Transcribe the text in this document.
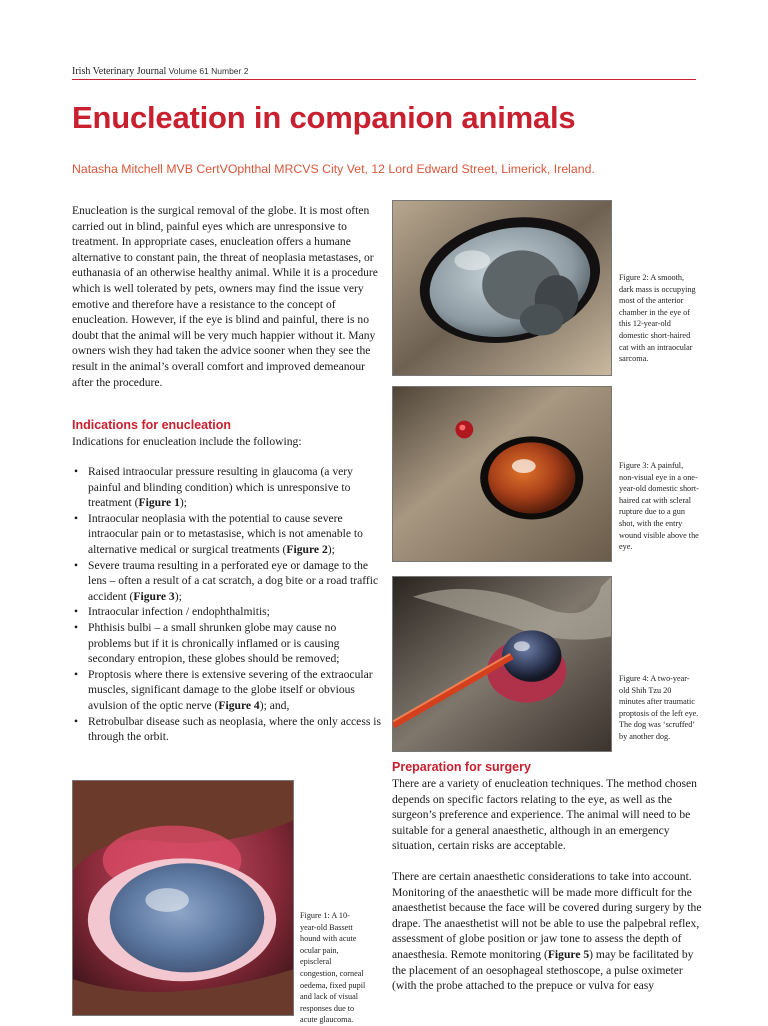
Irish Veterinary Journal Volume 61 Number 2
Enucleation in companion animals
Natasha Mitchell MVB CertVOphthal MRCVS City Vet, 12 Lord Edward Street, Limerick, Ireland.

Enucleation is the surgical removal of the globe. It is most often carried out in blind, painful eyes which are unresponsive to treatment. In appropriate cases, enucleation offers a humane alternative to constant pain, the threat of neoplasia metastases, or euthanasia of an otherwise healthy animal. While it is a procedure which is well tolerated by pets, owners may find the issue very emotive and therefore have a resistance to the concept of enucleation. However, if the eye is blind and painful, there is no doubt that the animal will be very much happier without it. Many owners wish they had taken the advice sooner when they see the result in the animal’s overall comfort and improved demeanour after the procedure.

Indications for enucleation

Indications for enucleation include the following:

• Raised intraocular pressure resulting in glaucoma (a very painful and blinding condition) which is unresponsive to treatment (Figure 1);
• Intraocular neoplasia with the potential to cause severe intraocular pain or to metastasise, which is not amenable to alternative medical or surgical treatments (Figure 2);
• Severe trauma resulting in a perforated eye or damage to the lens – often a result of a cat scratch, a dog bite or a road traffic accident (Figure 3);
• Intraocular infection / endophthalmitis;
• Phthisis bulbi – a small shrunken globe may cause no problems but if it is chronically inflamed or is causing secondary entropion, these globes should be removed;
• Proptosis where there is extensive severing of the extraocular muscles, significant damage to the globe itself or obvious avulsion of the optic nerve (Figure 4); and,
• Retrobulbar disease such as neoplasia, where the only access is through the orbit.

Figure 1: A 10-year-old Bassett hound with acute ocular pain, episcleral congestion, corneal oedema, fixed pupil and lack of visual responses due to acute glaucoma.

Figure 2: A smooth, dark mass is occupying most of the anterior chamber in the eye of this 12-year-old domestic short-haired cat with an intraocular sarcoma.

Figure 3: A painful, non-visual eye in a one-year-old domestic short-haired cat with scleral rupture due to a gun shot, with the entry wound visible above the eye.

Figure 4: A two-year-old Shih Tzu 20 minutes after traumatic proptosis of the left eye. The dog was ‘scruffed’ by another dog.

Preparation for surgery

There are a variety of enucleation techniques. The method chosen depends on specific factors relating to the eye, as well as the surgeon’s preference and experience. The animal will need to be suitable for a general anaesthetic, although in an emergency situation, certain risks are acceptable.

There are certain anaesthetic considerations to take into account. Monitoring of the anaesthetic will be made more difficult for the anaesthetist because the face will be covered during surgery by the drape. The anaesthetist will not be able to use the palpebral reflex, assessment of globe position or jaw tone to assess the depth of anaesthesia. Remote monitoring (Figure 5) may be facilitated by the placement of an oesophageal stethoscope, a pulse oximeter (with the probe attached to the prepuce or vulva for easy
